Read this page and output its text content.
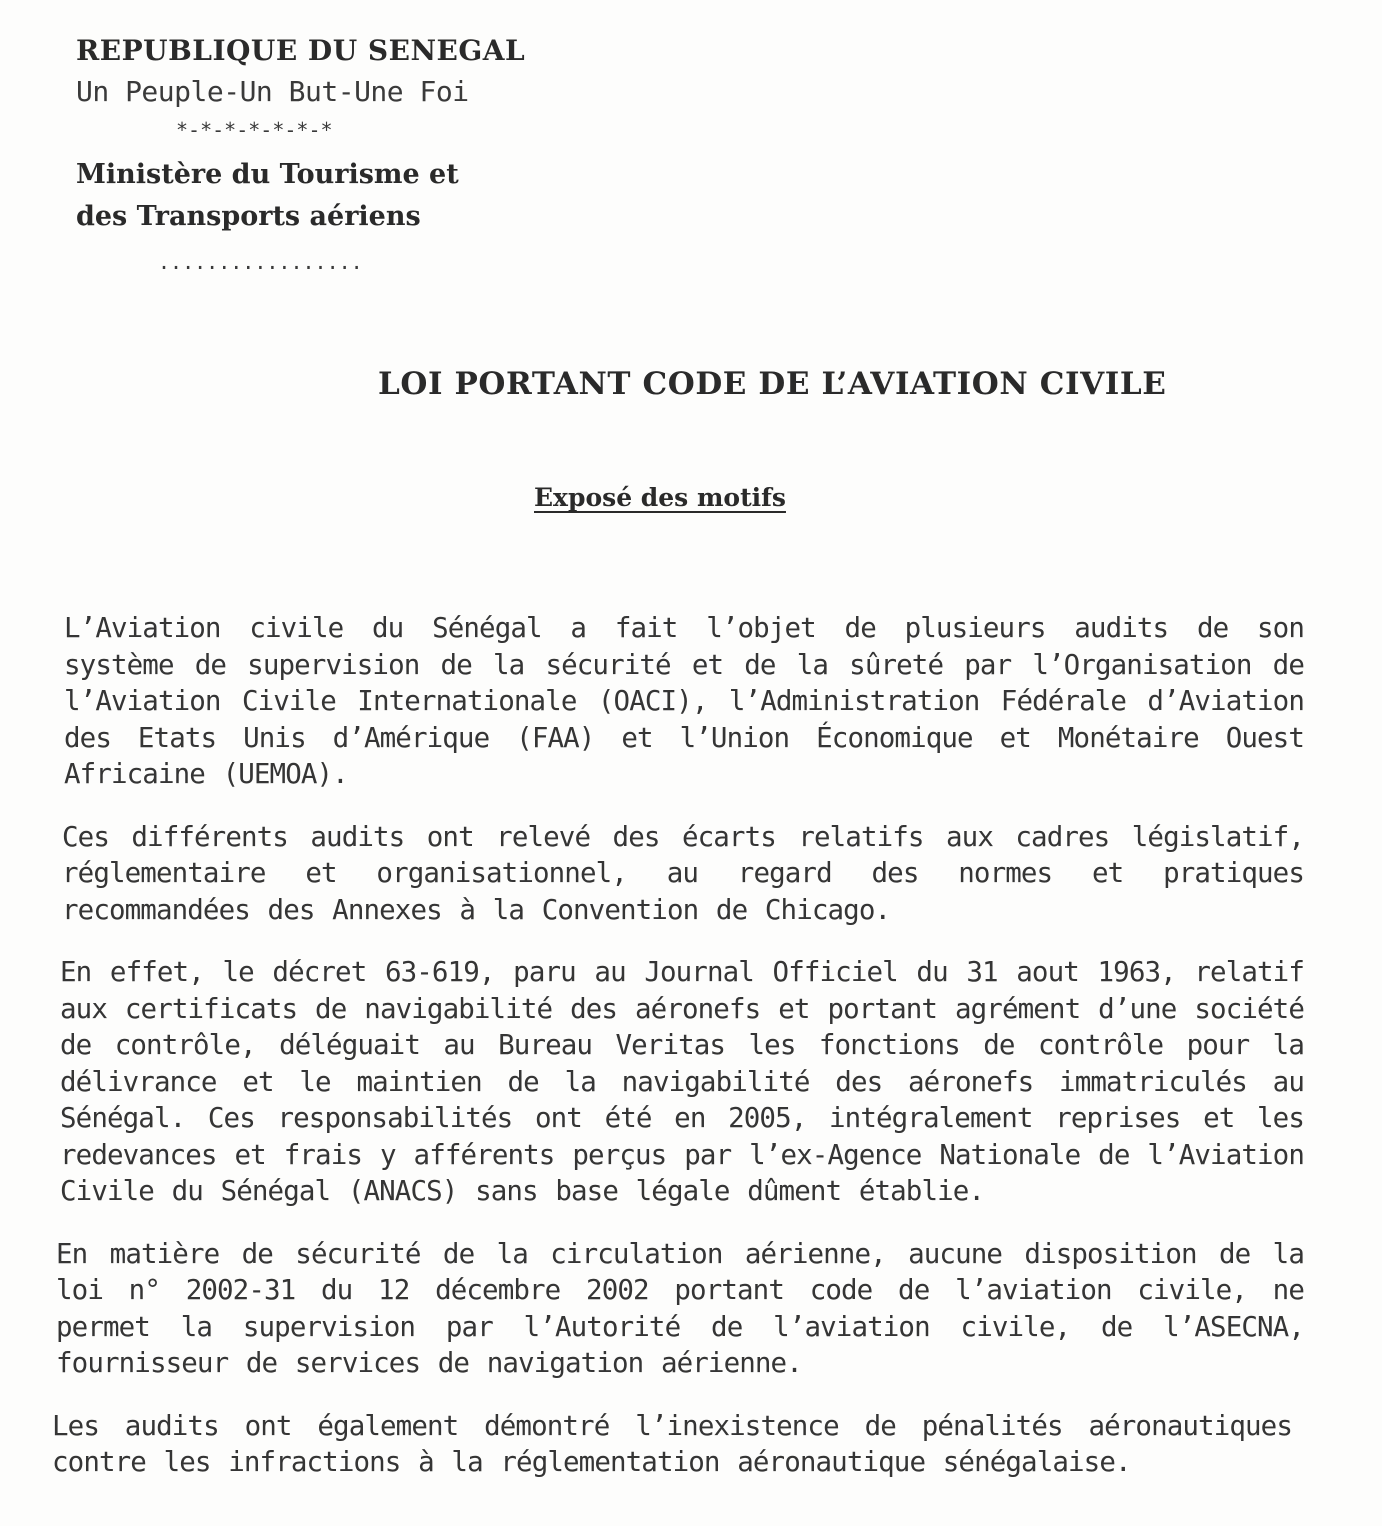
REPUBLIQUE DU SENEGAL

Un Peuple-Un But-Une Foi

*-*-*-*-*-*-*

Ministère du Tourisme et des Transports aériens

.................

LOI PORTANT CODE DE L’AVIATION CIVILE
Exposé des motifs

L’Aviation civile du Sénégal a fait l’objet de plusieurs audits de son système de supervision de la sécurité et de la sûreté par l’Organisation de l’Aviation Civile Internationale (OACI), l’Administration Fédérale d’Aviation des Etats Unis d’Amérique (FAA) et l’Union Économique et Monétaire Ouest Africaine (UEMOA).

Ces différents audits ont relevé des écarts relatifs aux cadres législatif, réglementaire et organisationnel, au regard des normes et pratiques recommandées des Annexes à la Convention de Chicago.

En effet, le décret 63-619, paru au Journal Officiel du 31 aout 1963, relatif aux certificats de navigabilité des aéronefs et portant agrément d’une société de contrôle, déléguait au Bureau Veritas les fonctions de contrôle pour la délivrance et le maintien de la navigabilité des aéronefs immatriculés au Sénégal. Ces responsabilités ont été en 2005, intégralement reprises et les redevances et frais y afférents perçus par l’ex-Agence Nationale de l’Aviation Civile du Sénégal (ANACS) sans base légale dûment établie.

En matière de sécurité de la circulation aérienne, aucune disposition de la loi n° 2002-31 du 12 décembre 2002 portant code de l’aviation civile, ne permet la supervision par l’Autorité de l’aviation civile, de l’ASECNA, fournisseur de services de navigation aérienne.

Les audits ont également démontré l’inexistence de pénalités aéronautiques contre les infractions à la réglementation aéronautique sénégalaise.
